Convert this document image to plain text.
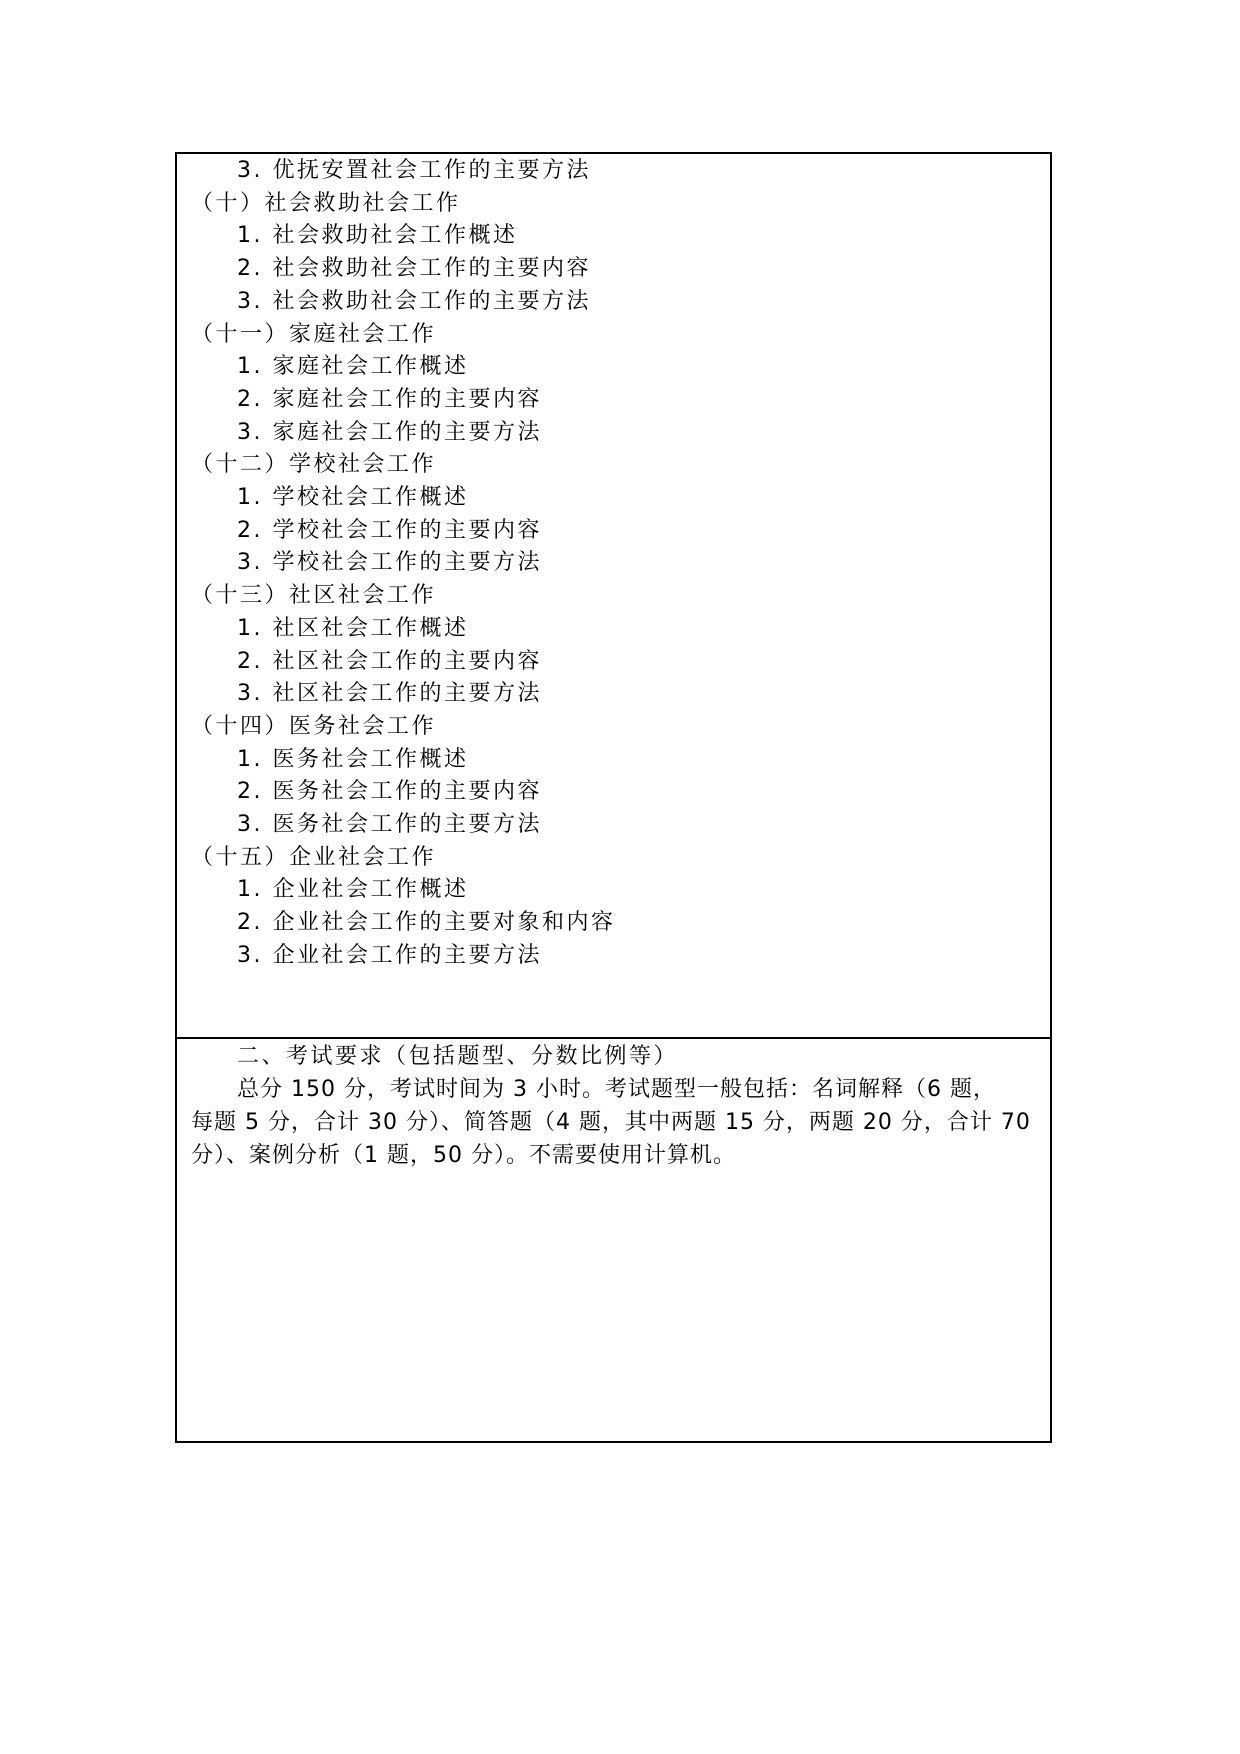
3. 优抚安置社会工作的主要方法
（十）社会救助社会工作
1. 社会救助社会工作概述
2. 社会救助社会工作的主要内容
3. 社会救助社会工作的主要方法
（十一）家庭社会工作
1. 家庭社会工作概述
2. 家庭社会工作的主要内容
3. 家庭社会工作的主要方法
（十二）学校社会工作
1. 学校社会工作概述
2. 学校社会工作的主要内容
3. 学校社会工作的主要方法
（十三）社区社会工作
1. 社区社会工作概述
2. 社区社会工作的主要内容
3. 社区社会工作的主要方法
（十四）医务社会工作
1. 医务社会工作概述
2. 医务社会工作的主要内容
3. 医务社会工作的主要方法
（十五）企业社会工作
1. 企业社会工作概述
2. 企业社会工作的主要对象和内容
3. 企业社会工作的主要方法
二、考试要求（包括题型、分数比例等）
总分 150 分，考试时间为 3 小时。考试题型一般包括：名词解释（6 题，
每题 5 分，合计 30 分）、简答题（4 题，其中两题 15 分，两题 20 分，合计 70
分）、案例分析（1 题，50 分）。不需要使用计算机。
